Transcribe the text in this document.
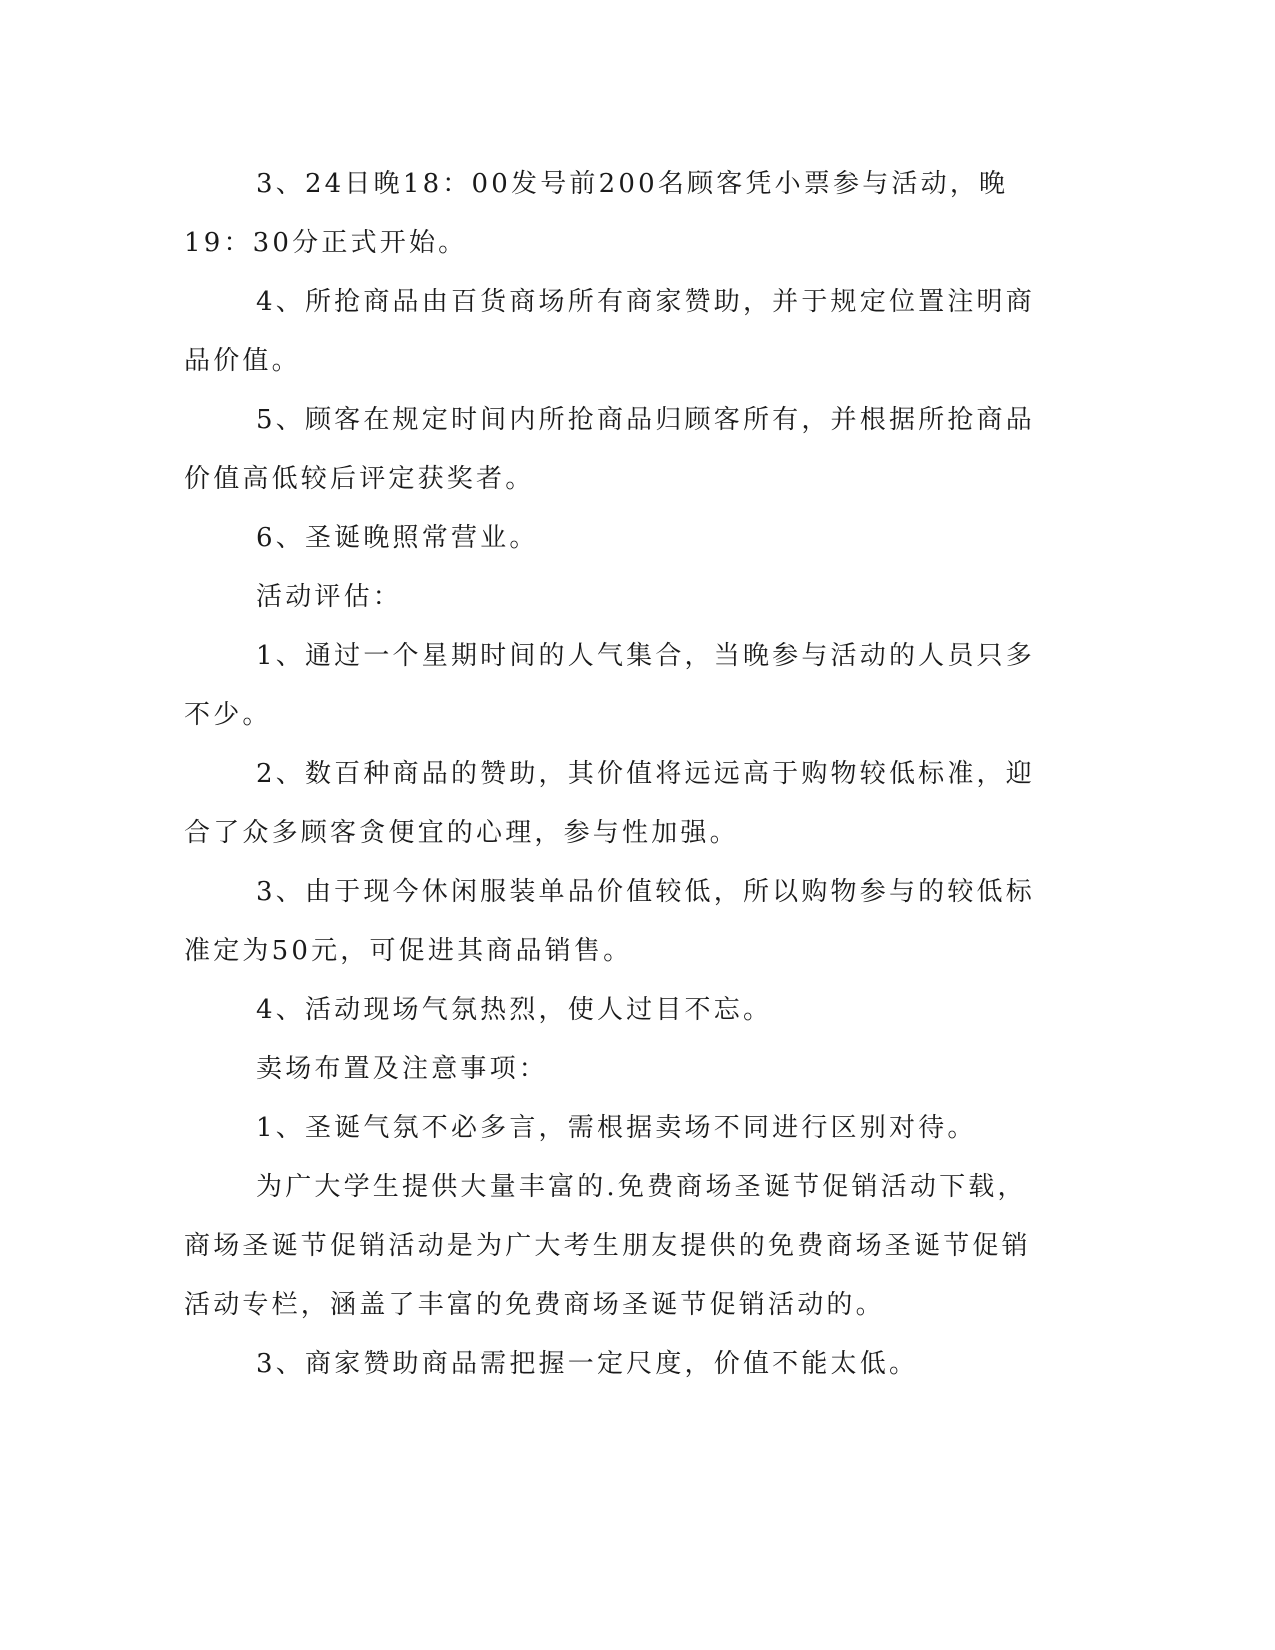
3、24日晚18：00发号前200名顾客凭小票参与活动，晚19：30分正式开始。

4、所抢商品由百货商场所有商家赞助，并于规定位置注明商品价值。

5、顾客在规定时间内所抢商品归顾客所有，并根据所抢商品价值高低较后评定获奖者。

6、圣诞晚照常营业。

活动评估：

1、通过一个星期时间的人气集合，当晚参与活动的人员只多不少。

2、数百种商品的赞助，其价值将远远高于购物较低标准，迎合了众多顾客贪便宜的心理，参与性加强。

3、由于现今休闲服装单品价值较低，所以购物参与的较低标准定为50元，可促进其商品销售。

4、活动现场气氛热烈，使人过目不忘。

卖场布置及注意事项：

1、圣诞气氛不必多言，需根据卖场不同进行区别对待。

为广大学生提供大量丰富的.免费商场圣诞节促销活动下载，商场圣诞节促销活动是为广大考生朋友提供的免费商场圣诞节促销活动专栏，涵盖了丰富的免费商场圣诞节促销活动的。

3、商家赞助商品需把握一定尺度，价值不能太低。
